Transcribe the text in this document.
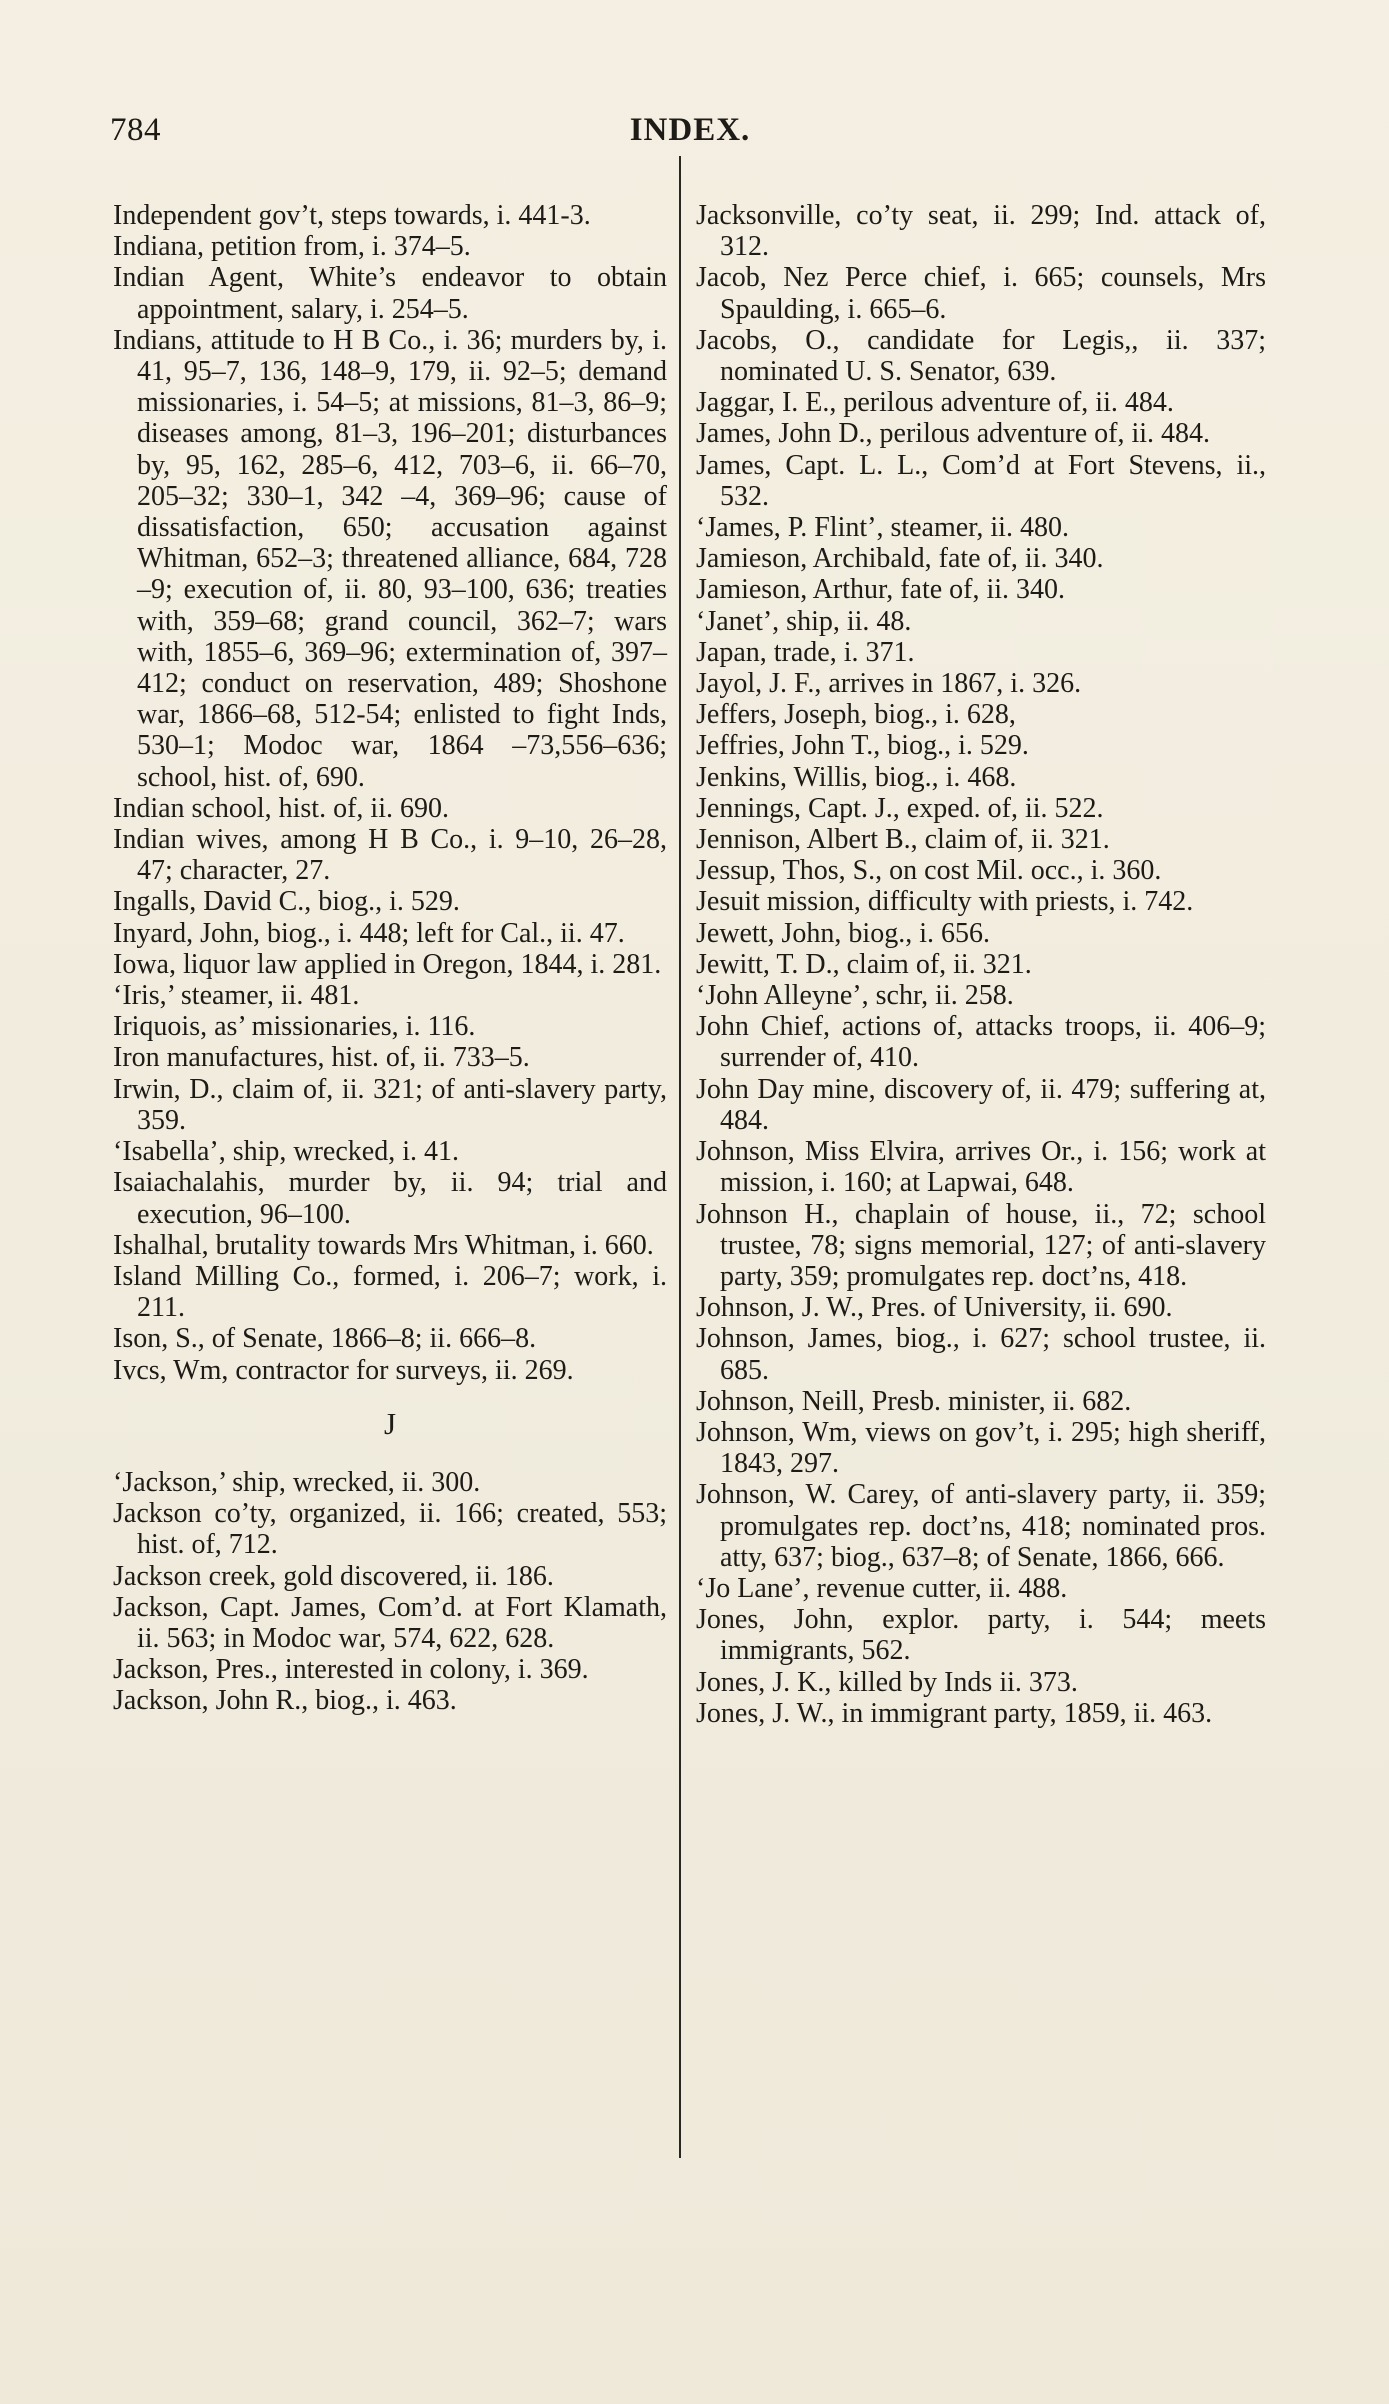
784	INDEX.

Independent gov’t, steps towards, i. 441-3.

Indiana, petition from, i. 374–5.

Indian Agent, White’s endeavor to obtain appointment, salary, i. 254–5.

Indians, attitude to H B Co., i. 36; murders by, i. 41, 95–7, 136, 148–9, 179, ii. 92–5; demand missionaries, i. 54–5; at missions, 81–3, 86–9; diseases among, 81–3, 196–201; disturbances by, 95, 162, 285–6, 412, 703–6, ii. 66–70, 205–32; 330–1, 342 –4, 369–96; cause of dissatisfaction, 650; accusation against Whitman, 652–3; threatened alliance, 684, 728 –9; execution of, ii. 80, 93–100, 636; treaties with, 359–68; grand council, 362–7; wars with, 1855–6, 369–96; extermination of, 397–412; conduct on reservation, 489; Shoshone war, 1866–68, 512-54; enlisted to fight Inds, 530–1; Modoc war, 1864 –73,556–636; school, hist. of, 690.

Indian school, hist. of, ii. 690.

Indian wives, among H B Co., i. 9–10, 26–28, 47; character, 27.

Ingalls, David C., biog., i. 529.

Inyard, John, biog., i. 448; left for Cal., ii. 47.

Iowa, liquor law applied in Oregon, 1844, i. 281.

‘Iris,’ steamer, ii. 481.

Iriquois, as’ missionaries, i. 116.

Iron manufactures, hist. of, ii. 733–5.

Irwin, D., claim of, ii. 321; of anti-slavery party, 359.

‘Isabella’, ship, wrecked, i. 41.

Isaiachalahis, murder by, ii. 94; trial and execution, 96–100.

Ishalhal, brutality towards Mrs Whitman, i. 660.

Island Milling Co., formed, i. 206–7; work, i. 211.

Ison, S., of Senate, 1866–8; ii. 666–8.

Ivcs, Wm, contractor for surveys, ii. 269.

J

‘Jackson,’ ship, wrecked, ii. 300.

Jackson co’ty, organized, ii. 166; created, 553; hist. of, 712.

Jackson creek, gold discovered, ii. 186.

Jackson, Capt. James, Com’d. at Fort Klamath, ii. 563; in Modoc war, 574, 622, 628.

Jackson, Pres., interested in colony, i. 369.

Jackson, John R., biog., i. 463.

Jacksonville, co’ty seat, ii. 299; Ind. attack of, 312.

Jacob, Nez Perce chief, i. 665; counsels, Mrs Spaulding, i. 665–6.

Jacobs, O., candidate for Legis,, ii. 337; nominated U. S. Senator, 639.

Jaggar, I. E., perilous adventure of, ii. 484.

James, John D., perilous adventure of, ii. 484.

James, Capt. L. L., Com’d at Fort Stevens, ii., 532.

‘James, P. Flint’, steamer, ii. 480.

Jamieson, Archibald, fate of, ii. 340.

Jamieson, Arthur, fate of, ii. 340.

‘Janet’, ship, ii. 48.

Japan, trade, i. 371.

Jayol, J. F., arrives in 1867, i. 326.

Jeffers, Joseph, biog., i. 628,

Jeffries, John T., biog., i. 529.

Jenkins, Willis, biog., i. 468.

Jennings, Capt. J., exped. of, ii. 522.

Jennison, Albert B., claim of, ii. 321.

Jessup, Thos, S., on cost Mil. occ., i. 360.

Jesuit mission, difficulty with priests, i. 742.

Jewett, John, biog., i. 656.

Jewitt, T. D., claim of, ii. 321.

‘John Alleyne’, schr, ii. 258.

John Chief, actions of, attacks troops, ii. 406–9; surrender of, 410.

John Day mine, discovery of, ii. 479; suffering at, 484.

Johnson, Miss Elvira, arrives Or., i. 156; work at mission, i. 160; at Lapwai, 648.

Johnson H., chaplain of house, ii., 72; school trustee, 78; signs memorial, 127; of anti-slavery party, 359; promulgates rep. doct’ns, 418.

Johnson, J. W., Pres. of University, ii. 690.

Johnson, James, biog., i. 627; school trustee, ii. 685.

Johnson, Neill, Presb. minister, ii. 682.

Johnson, Wm, views on gov’t, i. 295; high sheriff, 1843, 297.

Johnson, W. Carey, of anti-slavery party, ii. 359; promulgates rep. doct’ns, 418; nominated pros. atty, 637; biog., 637–8; of Senate, 1866, 666.

‘Jo Lane’, revenue cutter, ii. 488.

Jones, John, explor. party, i. 544; meets immigrants, 562.

Jones, J. K., killed by Inds ii. 373.

Jones, J. W., in immigrant party, 1859, ii. 463.
